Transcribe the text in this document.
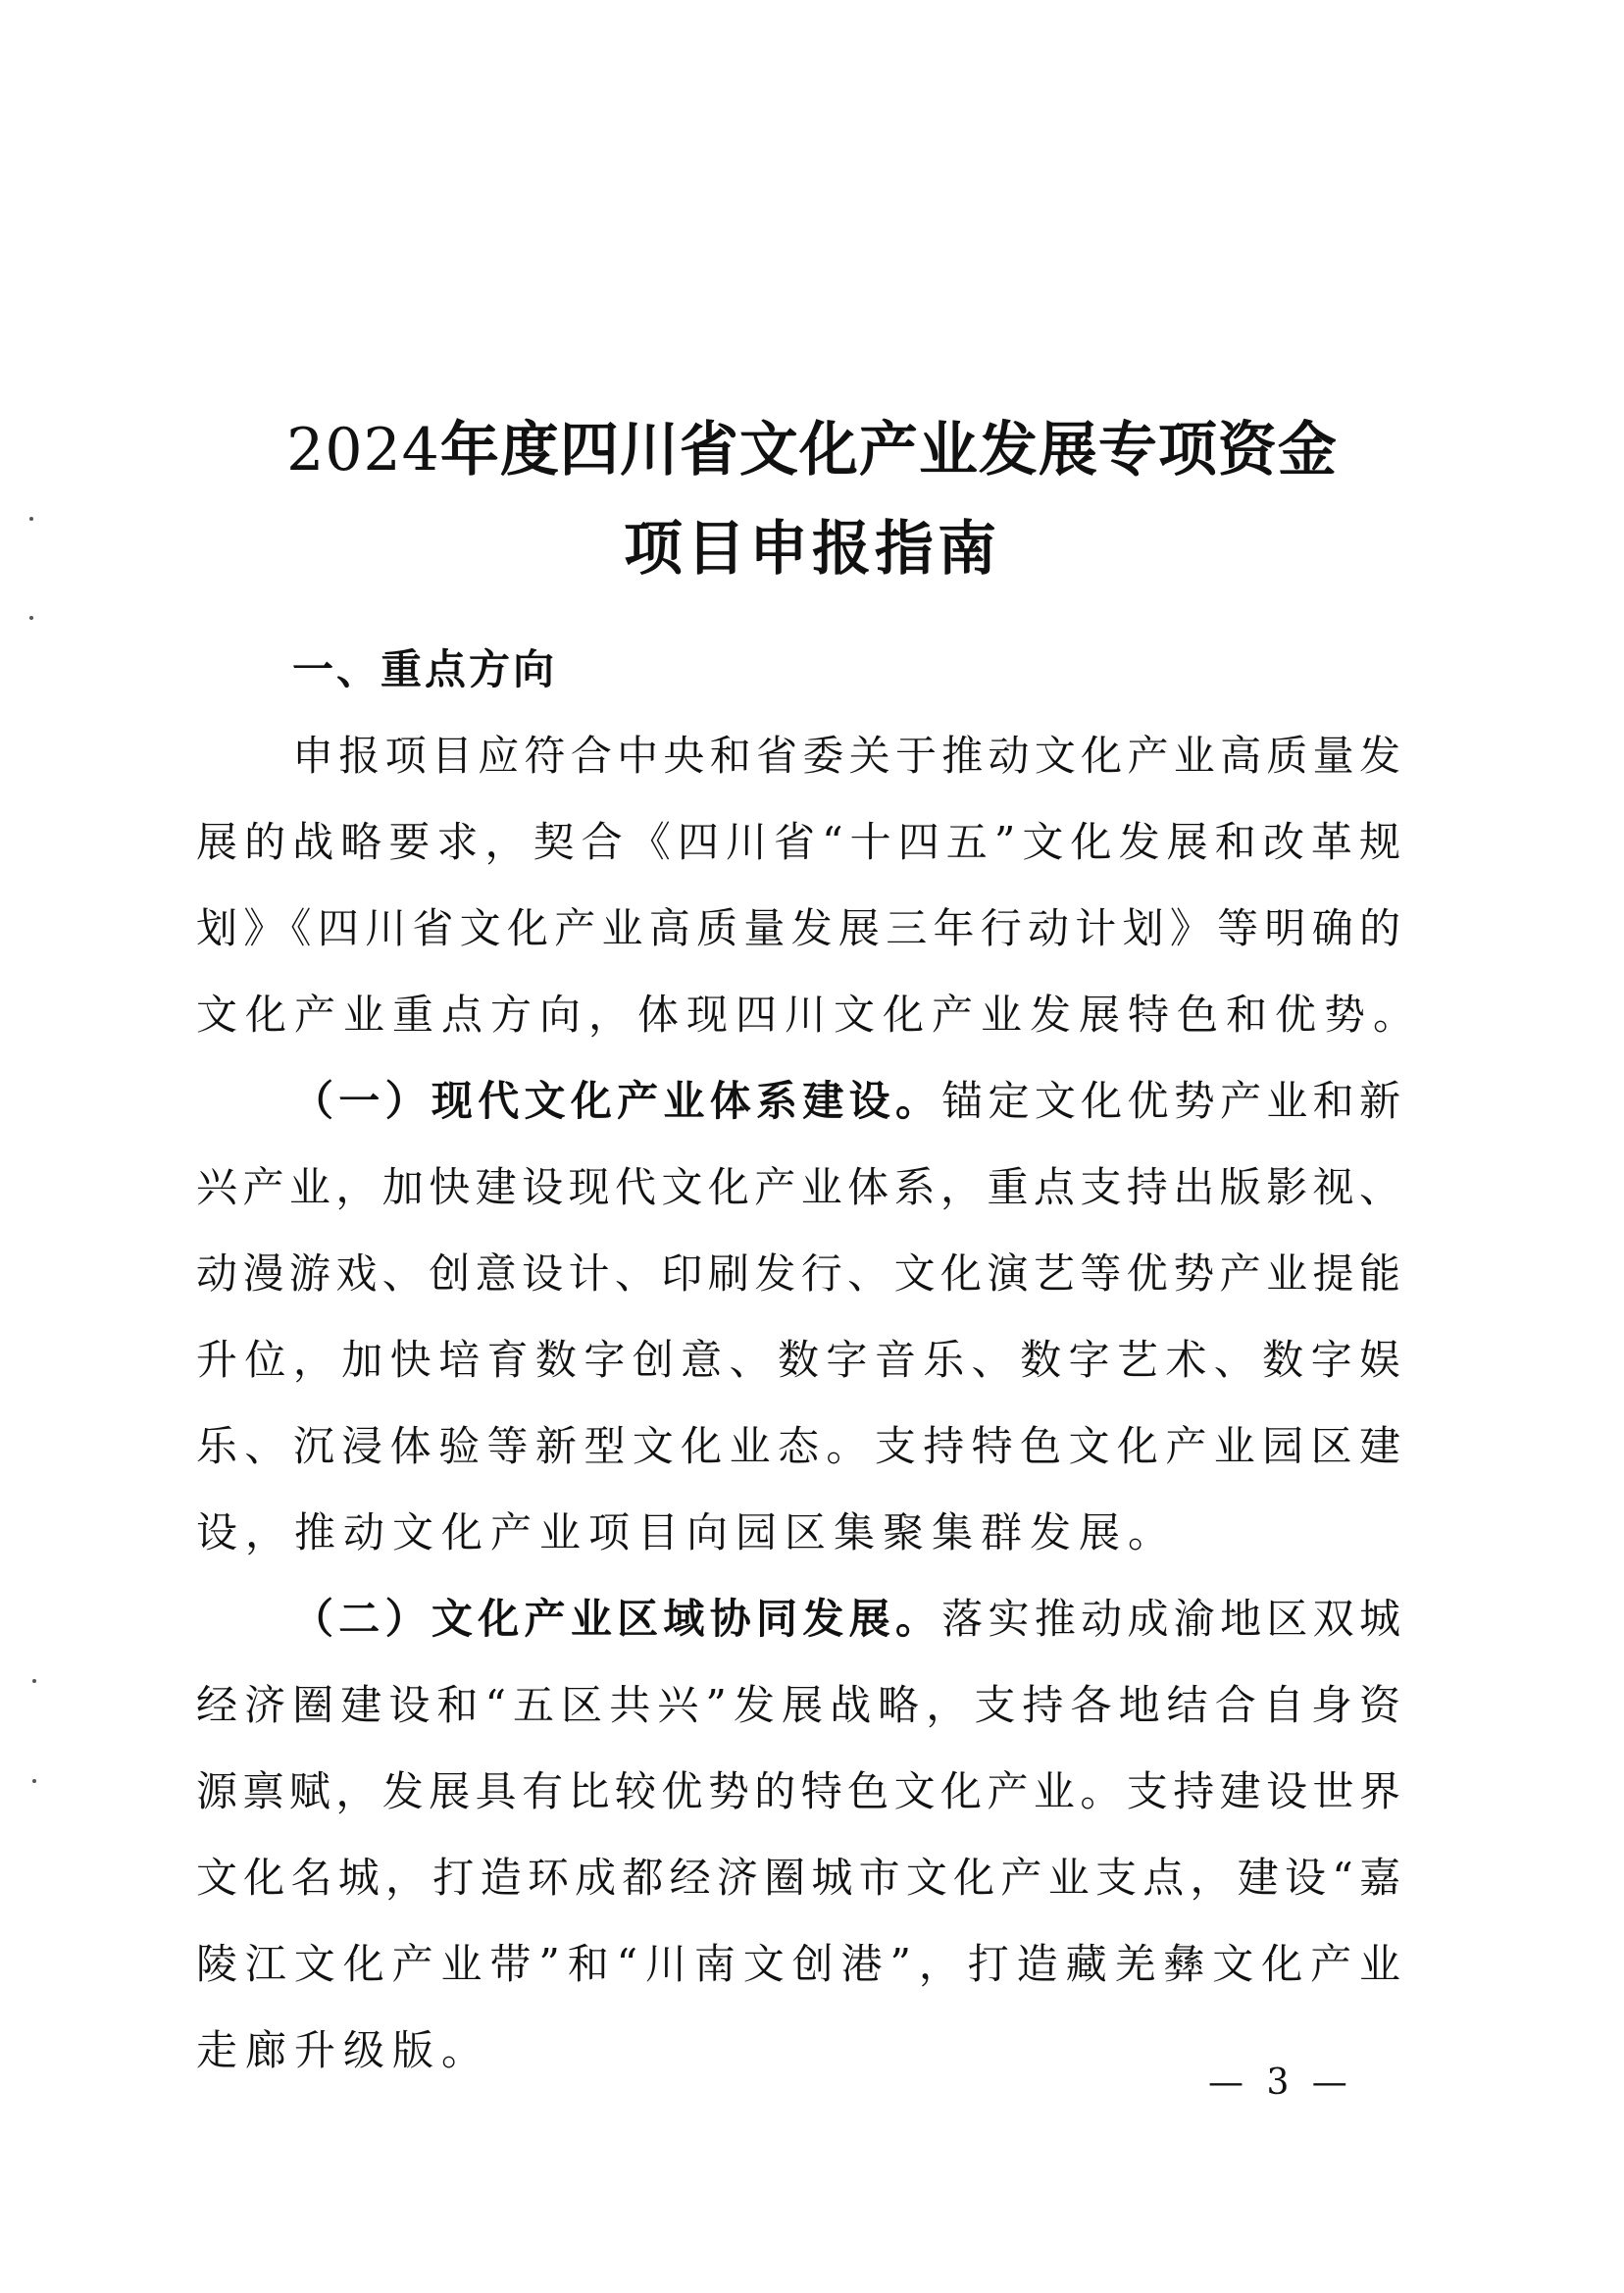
2024年度四川省文化产业发展专项资金
项目申报指南
一、重点方向
申报项目应符合中央和省委关于推动文化产业高质量发
展的战略要求，契合《四川省“十四五”文化发展和改革规
划》《四川省文化产业高质量发展三年行动计划》等明确的
文化产业重点方向，体现四川文化产业发展特色和优势。
（一）现代文化产业体系建设。锚定文化优势产业和新
兴产业，加快建设现代文化产业体系，重点支持出版影视、
动漫游戏、创意设计、印刷发行、文化演艺等优势产业提能
升位，加快培育数字创意、数字音乐、数字艺术、数字娱
乐、沉浸体验等新型文化业态。支持特色文化产业园区建
设，推动文化产业项目向园区集聚集群发展。
（二）文化产业区域协同发展。落实推动成渝地区双城
经济圈建设和“五区共兴”发展战略，支持各地结合自身资
源禀赋，发展具有比较优势的特色文化产业。支持建设世界
文化名城，打造环成都经济圈城市文化产业支点，建设“嘉
陵江文化产业带”和“川南文创港”，打造藏羌彝文化产业
走廊升级版。
— 3 —
